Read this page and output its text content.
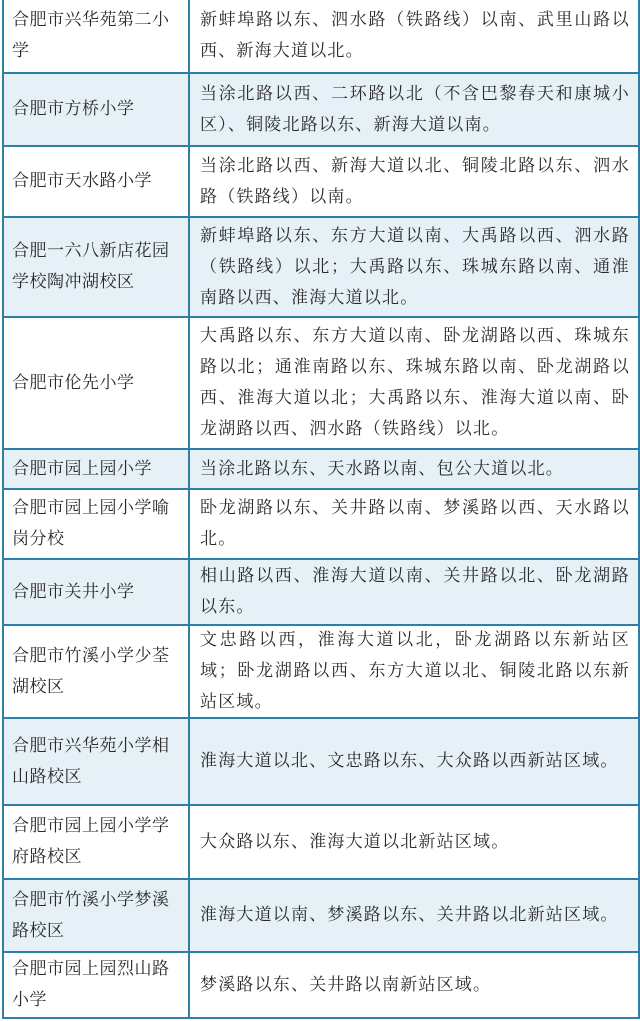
合肥市兴华苑第二小学
新蚌埠路以东、泗水路（铁路线）以南、武里山路以西、新海大道以北。
合肥市方桥小学
当涂北路以西、二环路以北（不含巴黎春天和康城小区）、铜陵北路以东、新海大道以南。
合肥市天水路小学
当涂北路以西、新海大道以北、铜陵北路以东、泗水路（铁路线）以南。
合肥一六八新店花园学校陶冲湖校区
新蚌埠路以东、东方大道以南、大禹路以西、泗水路（铁路线）以北；大禹路以东、珠城东路以南、通淮南路以西、淮海大道以北。
合肥市伦先小学
大禹路以东、东方大道以南、卧龙湖路以西、珠城东路以北；通淮南路以东、珠城东路以南、卧龙湖路以西、淮海大道以北；大禹路以东、淮海大道以南、卧龙湖路以西、泗水路（铁路线）以北。
合肥市园上园小学	当涂北路以东、天水路以南、包公大道以北。
合肥市园上园小学喻岗分校
卧龙湖路以东、关井路以南、梦溪路以西、天水路以北。
合肥市关井小学
相山路以西、淮海大道以南、关井路以北、卧龙湖路以东。
合肥市竹溪小学少荃湖校区
文忠路以西，淮海大道以北，卧龙湖路以东新站区域；卧龙湖路以西、东方大道以北、铜陵北路以东新站区域。
合肥市兴华苑小学相山路校区
淮海大道以北、文忠路以东、大众路以西新站区域。
合肥市园上园小学学府路校区
大众路以东、淮海大道以北新站区域。
合肥市竹溪小学梦溪路校区
淮海大道以南、梦溪路以东、关井路以北新站区域。
合肥市园上园烈山路小学
梦溪路以东、关井路以南新站区域。
